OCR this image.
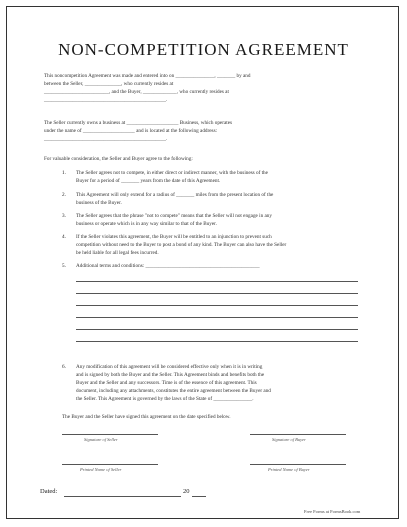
NON-COMPETITION AGREEMENT
This noncompetition Agreement was made and entered into on _______________, _______ by and
between the Seller, ______________, who currently resides at
_________________________, and the Buyer, _____________, who currently resides at
_______________________________________________.
The Seller currently owns a business at ____________________ Business, which operates
under the name of ____________________ and is located at the following address:
_______________________________________________.
For valuable consideration, the Seller and Buyer agree to the following:
1. The Seller agrees not to compete, in either direct or indirect manner, with the business of the
Buyer for a period of _______ years from the date of this Agreement.
2. This Agreement will only extend for a radius of _______ miles from the present location of the
business of the Buyer.
3. The Seller agrees that the phrase "not to compete" means that the Seller will not engage in any
business or operate which is in any way similar to that of the Buyer.
4. If the Seller violates this agreement, the Buyer will be entitled to an injunction to prevent such
competition without need to the Buyer to post a bond of any kind. The Buyer can also have the Seller
be held liable for all legal fees incurred.
5. Additional terms and conditions: ____________________________________________
6. Any modification of this agreement will be considered effective only when it is in writing
and is signed by both the Buyer and the Seller. This Agreement binds and benefits both the
Buyer and the Seller and any successors. Time is of the essence of this agreement. This
document, including any attachments, constitutes the entire agreement between the Buyer and
the Seller. This Agreement is governed by the laws of the State of _______________.
The Buyer and the Seller have signed this agreement on the date specified below.
Signature of Seller	Signature of Buyer
Printed Name of Seller	Printed Name of Buyer
Dated:	20
Free Forms at FormsBook.com
